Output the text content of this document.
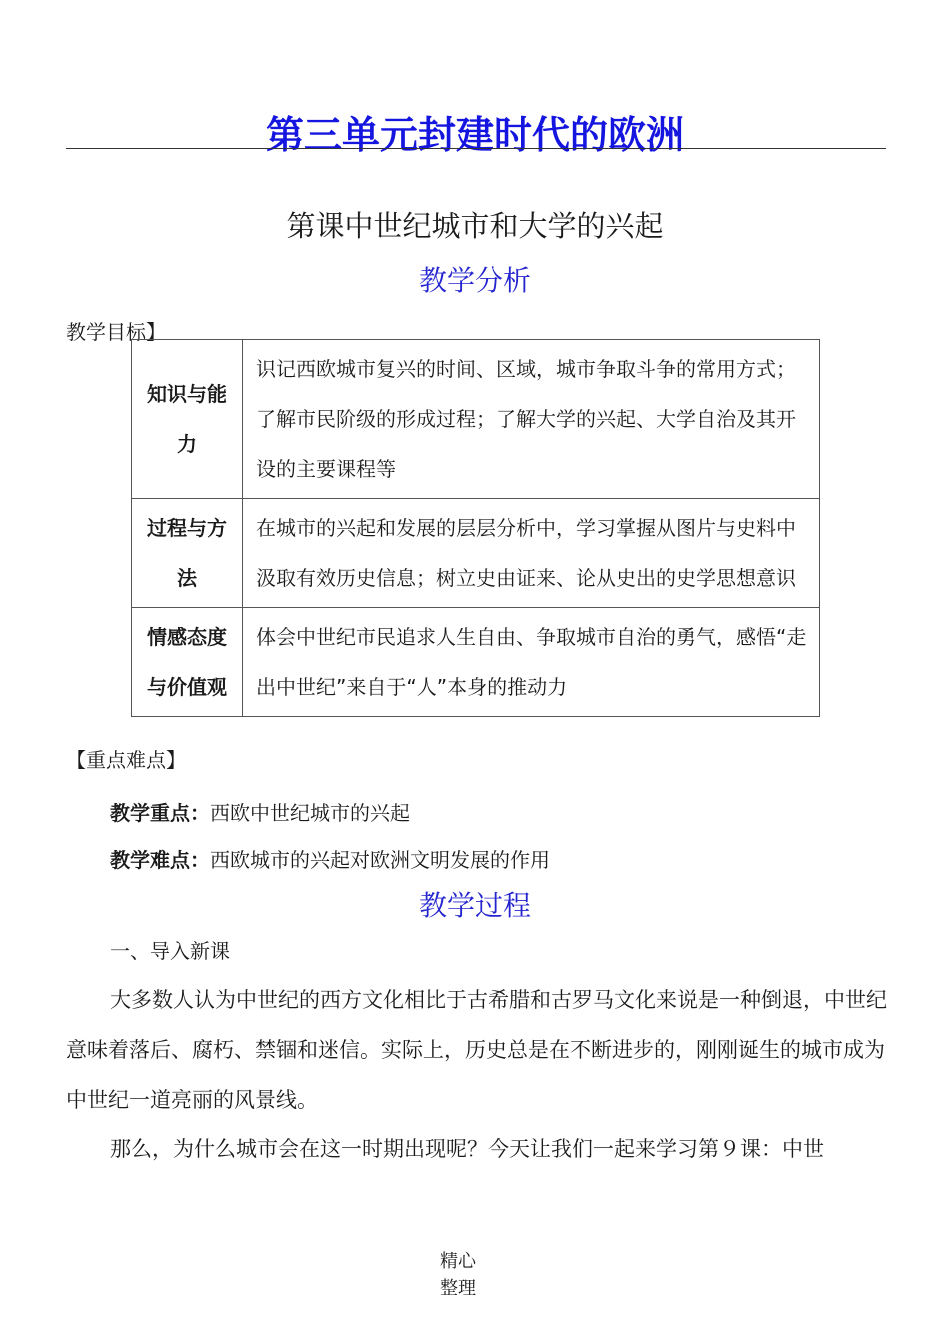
第三单元封建时代的欧洲
第课中世纪城市和大学的兴起
教学分析
教学目标】
知识与能
力	识记西欧城市复兴的时间、区域，城市争取斗争的常用方式；了解市民阶级的形成过程；了解大学的兴起、大学自治及其开设的主要课程等
过程与方
法	在城市的兴起和发展的层层分析中，学习掌握从图片与史料中汲取有效历史信息；树立史由证来、论从史出的史学思想意识
情感态度
与价值观	体会中世纪市民追求人生自由、争取城市自治的勇气，感悟“走出中世纪”来自于“人”本身的推动力
【重点难点】
教学重点：西欧中世纪城市的兴起
教学难点：西欧城市的兴起对欧洲文明发展的作用
教学过程
一、导入新课
大多数人认为中世纪的西方文化相比于古希腊和古罗马文化来说是一种倒退，中世纪意味着落后、腐朽、禁锢和迷信。实际上，历史总是在不断进步的，刚刚诞生的城市成为中世纪一道亮丽的风景线。
那么，为什么城市会在这一时期出现呢？今天让我们一起来学习第９课：中世
精心
整理
